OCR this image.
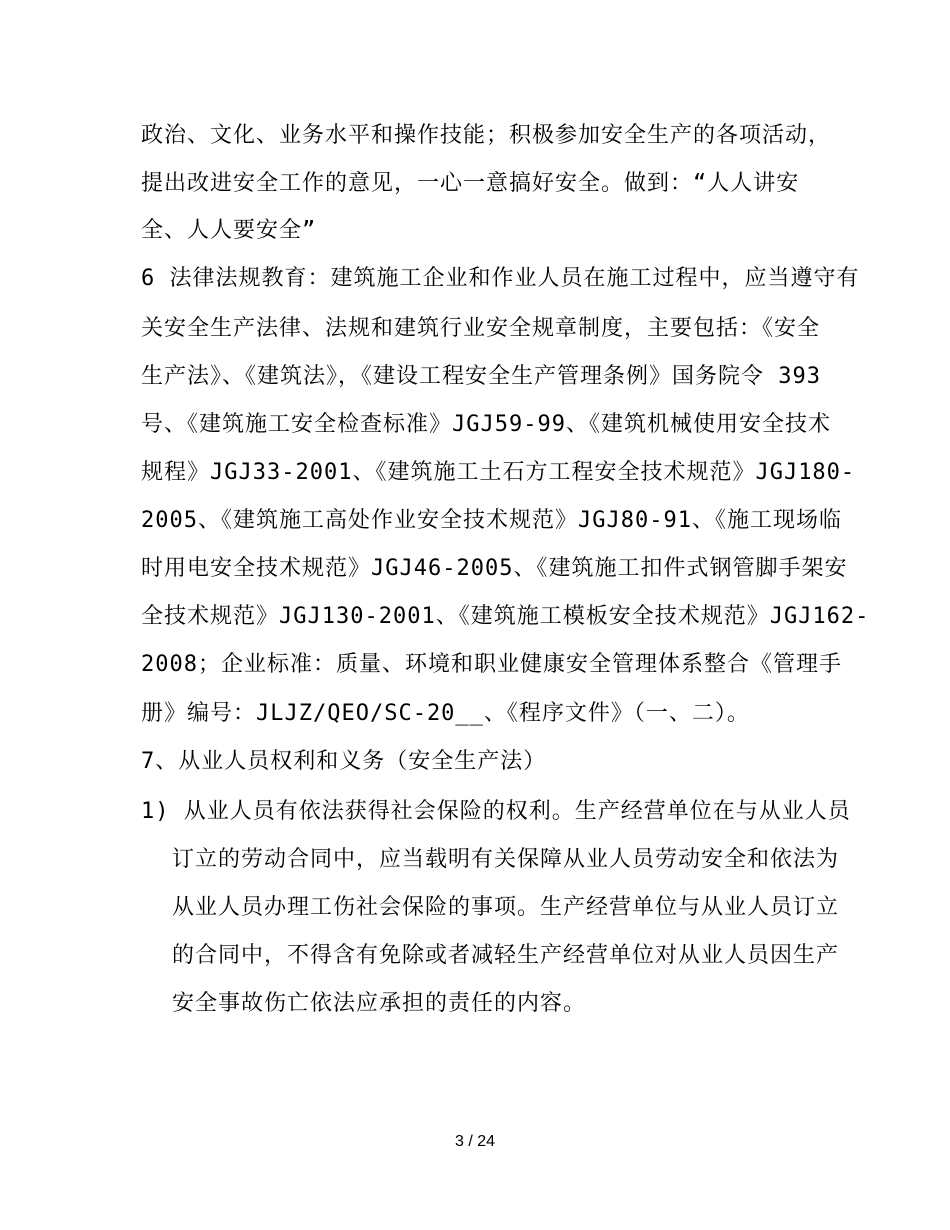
政治、文化、业务水平和操作技能；积极参加安全生产的各项活动，
提出改进安全工作的意见，一心一意搞好安全。做到：“人人讲安
全、人人要安全”
6 法律法规教育：建筑施工企业和作业人员在施工过程中，应当遵守有
关安全生产法律、法规和建筑行业安全规章制度，主要包括：《安全
生产法》、《建筑法》，《建设工程安全生产管理条例》国务院令 393
号、《建筑施工安全检查标准》JGJ59-99、《建筑机械使用安全技术
规程》JGJ33-2001、《建筑施工土石方工程安全技术规范》JGJ180-
2005、《建筑施工高处作业安全技术规范》JGJ80-91、《施工现场临
时用电安全技术规范》JGJ46-2005、《建筑施工扣件式钢管脚手架安
全技术规范》JGJ130-2001、《建筑施工模板安全技术规范》JGJ162-
2008；企业标准：质量、环境和职业健康安全管理体系整合《管理手
册》编号：JLJZ/QEO/SC-20__、《程序文件》（一、二）。
7、从业人员权利和义务（安全生产法）
1) 从业人员有依法获得社会保险的权利。生产经营单位在与从业人员
订立的劳动合同中，应当载明有关保障从业人员劳动安全和依法为
从业人员办理工伤社会保险的事项。生产经营单位与从业人员订立
的合同中，不得含有免除或者减轻生产经营单位对从业人员因生产
安全事故伤亡依法应承担的责任的内容。
3 / 24
